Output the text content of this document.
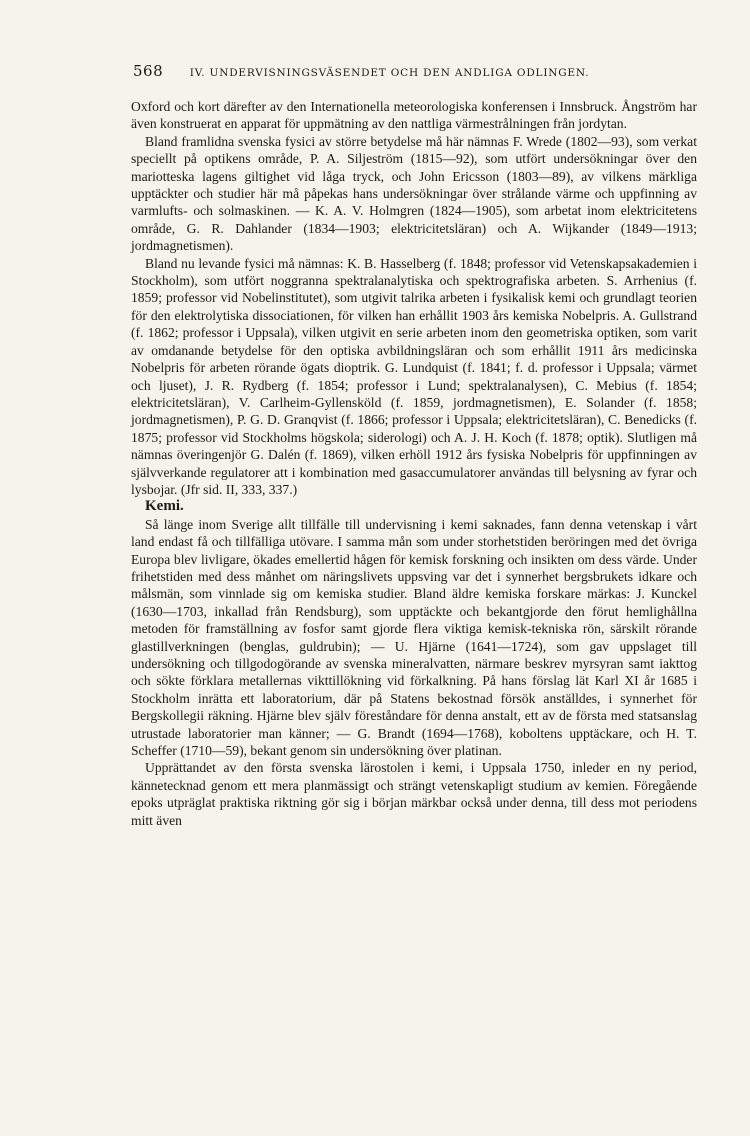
568	IV. UNDERVISNINGSVÄSENDET OCH DEN ANDLIGA ODLINGEN.

Oxford och kort därefter av den Internationella meteorologiska konferensen i Innsbruck. Ångström har även konstruerat en apparat för uppmätning av den nattliga värmestrålningen från jordytan.

Bland framlidna svenska fysici av större betydelse må här nämnas F. Wrede (1802—93), som verkat speciellt på optikens område, P. A. Siljeström (1815—92), som utfört undersökningar över den mariotteska lagens giltighet vid låga tryck, och John Ericsson (1803—89), av vilkens märkliga upptäckter och studier här må påpekas hans undersökningar över strålande värme och uppfinning av varmlufts- och solmaskinen. — K. A. V. Holmgren (1824—1905), som arbetat inom elektricitetens område, G. R. Dahlander (1834—1903; elektricitetsläran) och A. Wijkander (1849—1913; jordmagnetismen).

Bland nu levande fysici må nämnas: K. B. Hasselberg (f. 1848; professor vid Vetenskapsakademien i Stockholm), som utfört noggranna spektralanalytiska och spektrografiska arbeten. S. Arrhenius (f. 1859; professor vid Nobelinstitutet), som utgivit talrika arbeten i fysikalisk kemi och grundlagt teorien för den elektrolytiska dissociationen, för vilken han erhållit 1903 års kemiska Nobelpris. A. Gullstrand (f. 1862; professor i Uppsala), vilken utgivit en serie arbeten inom den geometriska optiken, som varit av omdanande betydelse för den optiska avbildningsläran och som erhållit 1911 års medicinska Nobelpris för arbeten rörande ögats dioptrik. G. Lundquist (f. 1841; f. d. professor i Uppsala; värmet och ljuset), J. R. Rydberg (f. 1854; professor i Lund; spektralanalysen), C. Mebius (f. 1854; elektricitetsläran), V. Carlheim-Gyllensköld (f. 1859, jordmagnetismen), E. Solander (f. 1858; jordmagnetismen), P. G. D. Granqvist (f. 1866; professor i Uppsala; elektricitetsläran), C. Benedicks (f. 1875; professor vid Stockholms högskola; siderologi) och A. J. H. Koch (f. 1878; optik). Slutligen må nämnas överingenjör G. Dalén (f. 1869), vilken erhöll 1912 års fysiska Nobelpris för uppfinningen av självverkande regulatorer att i kombination med gasaccumulatorer användas till belysning av fyrar och lysbojar. (Jfr sid. II, 333, 337.)

Kemi.

Så länge inom Sverige allt tillfälle till undervisning i kemi saknades, fann denna vetenskap i vårt land endast få och tillfälliga utövare. I samma mån som under storhetstiden beröringen med det övriga Europa blev livligare, ökades emellertid hågen för kemisk forskning och insikten om dess värde. Under frihetstiden med dess månhet om näringslivets uppsving var det i synnerhet bergsbrukets idkare och målsmän, som vinnlade sig om kemiska studier. Bland äldre kemiska forskare märkas: J. Kunckel (1630—1703, inkallad från Rendsburg), som upptäckte och bekantgjorde den förut hemlighållna metoden för framställning av fosfor samt gjorde flera viktiga kemisk-tekniska rön, särskilt rörande glastillverkningen (benglas, guldrubin); — U. Hjärne (1641—1724), som gav uppslaget till undersökning och tillgodogörande av svenska mineralvatten, närmare beskrev myrsyran samt iakttog och sökte förklara metallernas vikttillökning vid förkalkning. På hans förslag lät Karl XI år 1685 i Stockholm inrätta ett laboratorium, där på Statens bekostnad försök anställdes, i synnerhet för Bergskollegii räkning. Hjärne blev själv föreståndare för denna anstalt, ett av de första med statsanslag utrustade laboratorier man känner; — G. Brandt (1694—1768), koboltens upptäckare, och H. T. Scheffer (1710—59), bekant genom sin undersökning över platinan.

Upprättandet av den första svenska lärostolen i kemi, i Uppsala 1750, inleder en ny period, kännetecknad genom ett mera planmässigt och strängt vetenskapligt studium av kemien. Föregående epoks utpräglat praktiska riktning gör sig i början märkbar också under denna, till dess mot periodens mitt även
